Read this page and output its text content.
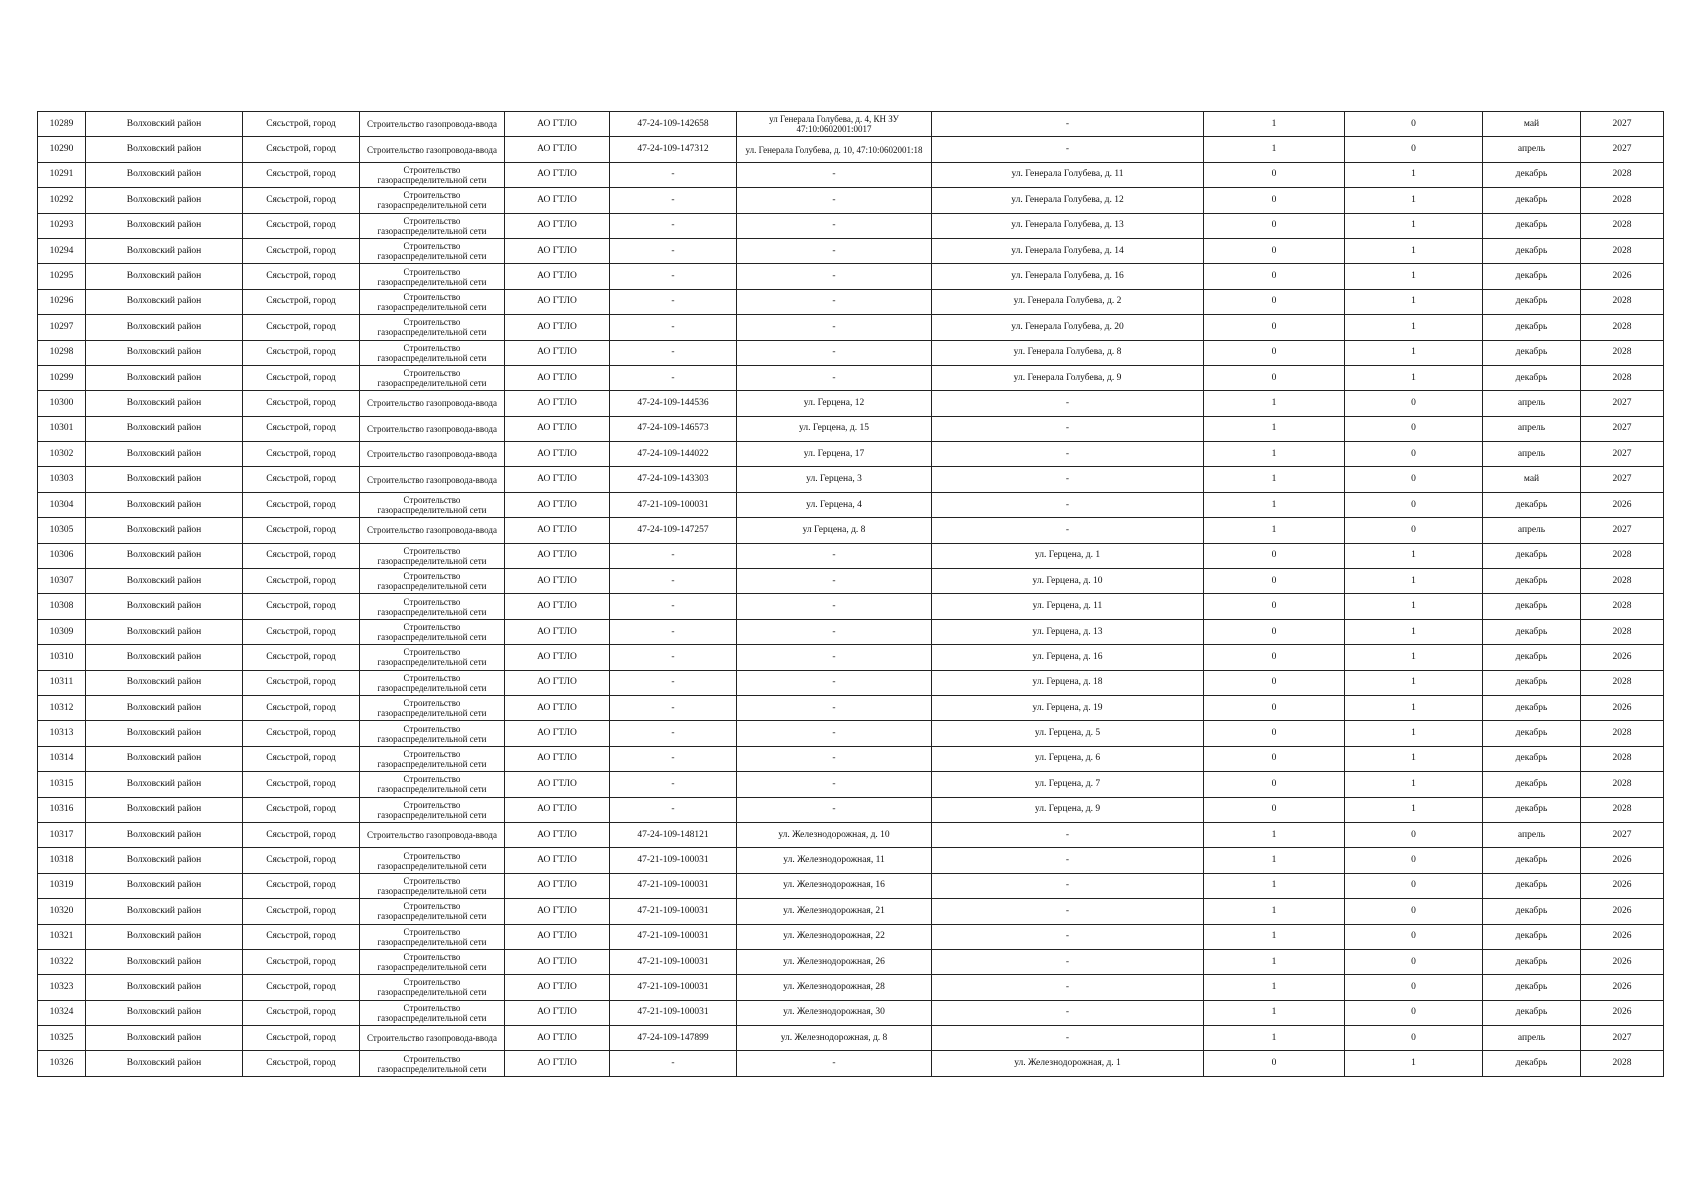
10289	Волховский район	Сясьстрой, город	Строительство газопровода-ввода	АО ГТЛО	47-24-109-142658	ул Генерала Голубева, д. 4, КН ЗУ 47:10:0602001:0017	-	1	0	май	2027
10290	Волховский район	Сясьстрой, город	Строительство газопровода-ввода	АО ГТЛО	47-24-109-147312	ул. Генерала Голубева, д. 10, 47:10:0602001:18	-	1	0	апрель	2027
10291	Волховский район	Сясьстрой, город	Строительство газораспределительной сети	АО ГТЛО	-	-	ул. Генерала Голубева, д. 11	0	1	декабрь	2028
10292	Волховский район	Сясьстрой, город	Строительство газораспределительной сети	АО ГТЛО	-	-	ул. Генерала Голубева, д. 12	0	1	декабрь	2028
10293	Волховский район	Сясьстрой, город	Строительство газораспределительной сети	АО ГТЛО	-	-	ул. Генерала Голубева, д. 13	0	1	декабрь	2028
10294	Волховский район	Сясьстрой, город	Строительство газораспределительной сети	АО ГТЛО	-	-	ул. Генерала Голубева, д. 14	0	1	декабрь	2028
10295	Волховский район	Сясьстрой, город	Строительство газораспределительной сети	АО ГТЛО	-	-	ул. Генерала Голубева, д. 16	0	1	декабрь	2026
10296	Волховский район	Сясьстрой, город	Строительство газораспределительной сети	АО ГТЛО	-	-	ул. Генерала Голубева, д. 2	0	1	декабрь	2028
10297	Волховский район	Сясьстрой, город	Строительство газораспределительной сети	АО ГТЛО	-	-	ул. Генерала Голубева, д. 20	0	1	декабрь	2028
10298	Волховский район	Сясьстрой, город	Строительство газораспределительной сети	АО ГТЛО	-	-	ул. Генерала Голубева, д. 8	0	1	декабрь	2028
10299	Волховский район	Сясьстрой, город	Строительство газораспределительной сети	АО ГТЛО	-	-	ул. Генерала Голубева, д. 9	0	1	декабрь	2028
10300	Волховский район	Сясьстрой, город	Строительство газопровода-ввода	АО ГТЛО	47-24-109-144536	ул. Герцена, 12	-	1	0	апрель	2027
10301	Волховский район	Сясьстрой, город	Строительство газопровода-ввода	АО ГТЛО	47-24-109-146573	ул. Герцена, д. 15	-	1	0	апрель	2027
10302	Волховский район	Сясьстрой, город	Строительство газопровода-ввода	АО ГТЛО	47-24-109-144022	ул. Герцена, 17	-	1	0	апрель	2027
10303	Волховский район	Сясьстрой, город	Строительство газопровода-ввода	АО ГТЛО	47-24-109-143303	ул. Герцена, 3	-	1	0	май	2027
10304	Волховский район	Сясьстрой, город	Строительство газораспределительной сети	АО ГТЛО	47-21-109-100031	ул. Герцена, 4	-	1	0	декабрь	2026
10305	Волховский район	Сясьстрой, город	Строительство газопровода-ввода	АО ГТЛО	47-24-109-147257	ул Герцена, д. 8	-	1	0	апрель	2027
10306	Волховский район	Сясьстрой, город	Строительство газораспределительной сети	АО ГТЛО	-	-	ул. Герцена, д. 1	0	1	декабрь	2028
10307	Волховский район	Сясьстрой, город	Строительство газораспределительной сети	АО ГТЛО	-	-	ул. Герцена, д. 10	0	1	декабрь	2028
10308	Волховский район	Сясьстрой, город	Строительство газораспределительной сети	АО ГТЛО	-	-	ул. Герцена, д. 11	0	1	декабрь	2028
10309	Волховский район	Сясьстрой, город	Строительство газораспределительной сети	АО ГТЛО	-	-	ул. Герцена, д. 13	0	1	декабрь	2028
10310	Волховский район	Сясьстрой, город	Строительство газораспределительной сети	АО ГТЛО	-	-	ул. Герцена, д. 16	0	1	декабрь	2026
10311	Волховский район	Сясьстрой, город	Строительство газораспределительной сети	АО ГТЛО	-	-	ул. Герцена, д. 18	0	1	декабрь	2028
10312	Волховский район	Сясьстрой, город	Строительство газораспределительной сети	АО ГТЛО	-	-	ул. Герцена, д. 19	0	1	декабрь	2026
10313	Волховский район	Сясьстрой, город	Строительство газораспределительной сети	АО ГТЛО	-	-	ул. Герцена, д. 5	0	1	декабрь	2028
10314	Волховский район	Сясьстрой, город	Строительство газораспределительной сети	АО ГТЛО	-	-	ул. Герцена, д. 6	0	1	декабрь	2028
10315	Волховский район	Сясьстрой, город	Строительство газораспределительной сети	АО ГТЛО	-	-	ул. Герцена, д. 7	0	1	декабрь	2028
10316	Волховский район	Сясьстрой, город	Строительство газораспределительной сети	АО ГТЛО	-	-	ул. Герцена, д. 9	0	1	декабрь	2028
10317	Волховский район	Сясьстрой, город	Строительство газопровода-ввода	АО ГТЛО	47-24-109-148121	ул. Железнодорожная, д. 10	-	1	0	апрель	2027
10318	Волховский район	Сясьстрой, город	Строительство газораспределительной сети	АО ГТЛО	47-21-109-100031	ул. Железнодорожная, 11	-	1	0	декабрь	2026
10319	Волховский район	Сясьстрой, город	Строительство газораспределительной сети	АО ГТЛО	47-21-109-100031	ул. Железнодорожная, 16	-	1	0	декабрь	2026
10320	Волховский район	Сясьстрой, город	Строительство газораспределительной сети	АО ГТЛО	47-21-109-100031	ул. Железнодорожная, 21	-	1	0	декабрь	2026
10321	Волховский район	Сясьстрой, город	Строительство газораспределительной сети	АО ГТЛО	47-21-109-100031	ул. Железнодорожная, 22	-	1	0	декабрь	2026
10322	Волховский район	Сясьстрой, город	Строительство газораспределительной сети	АО ГТЛО	47-21-109-100031	ул. Железнодорожная, 26	-	1	0	декабрь	2026
10323	Волховский район	Сясьстрой, город	Строительство газораспределительной сети	АО ГТЛО	47-21-109-100031	ул. Железнодорожная, 28	-	1	0	декабрь	2026
10324	Волховский район	Сясьстрой, город	Строительство газораспределительной сети	АО ГТЛО	47-21-109-100031	ул. Железнодорожная, 30	-	1	0	декабрь	2026
10325	Волховский район	Сясьстрой, город	Строительство газопровода-ввода	АО ГТЛО	47-24-109-147899	ул. Железнодорожная, д. 8	-	1	0	апрель	2027
10326	Волховский район	Сясьстрой, город	Строительство газораспределительной сети	АО ГТЛО	-	-	ул. Железнодорожная, д. 1	0	1	декабрь	2028
